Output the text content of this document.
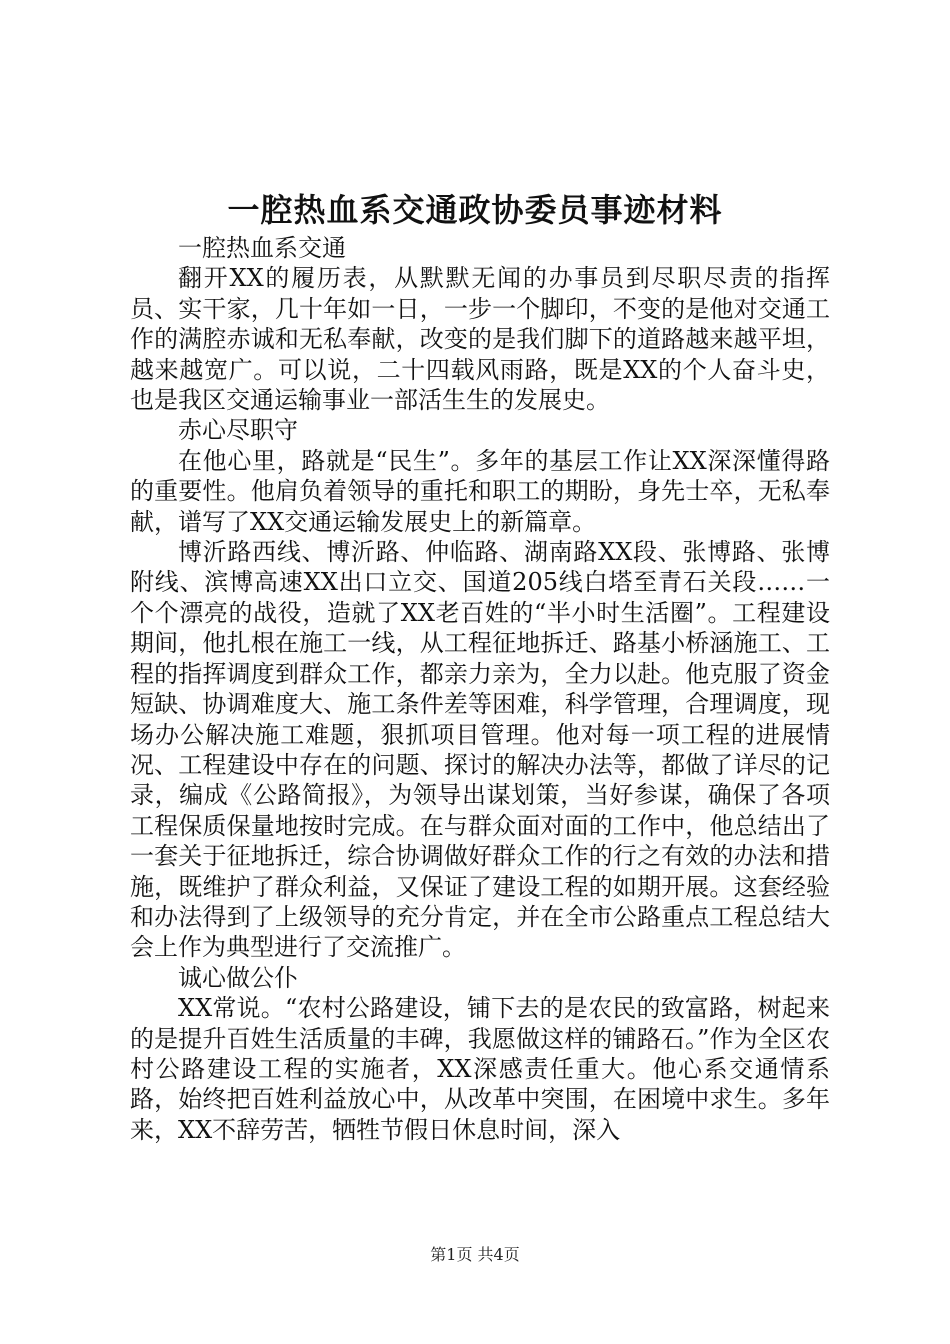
一腔热血系交通政协委员事迹材料

一腔热血系交通

翻开XX的履历表，从默默无闻的办事员到尽职尽责的指挥员、实干家，几十年如一日，一步一个脚印，不变的是他对交通工作的满腔赤诚和无私奉献，改变的是我们脚下的道路越来越平坦，越来越宽广。可以说，二十四载风雨路，既是XX的个人奋斗史，也是我区交通运输事业一部活生生的发展史。

赤心尽职守

在他心里，路就是“民生”。多年的基层工作让XX深深懂得路的重要性。他肩负着领导的重托和职工的期盼，身先士卒，无私奉献，谱写了XX交通运输发展史上的新篇章。

博沂路西线、博沂路、仲临路、湖南路XX段、张博路、张博附线、滨博高速XX出口立交、国道205线白塔至青石关段……一个个漂亮的战役，造就了XX老百姓的“半小时生活圈”。工程建设期间，他扎根在施工一线，从工程征地拆迁、路基小桥涵施工、工程的指挥调度到群众工作，都亲力亲为，全力以赴。他克服了资金短缺、协调难度大、施工条件差等困难，科学管理，合理调度，现场办公解决施工难题，狠抓项目管理。他对每一项工程的进展情况、工程建设中存在的问题、探讨的解决办法等，都做了详尽的记录，编成《公路简报》，为领导出谋划策，当好参谋，确保了各项工程保质保量地按时完成。在与群众面对面的工作中，他总结出了一套关于征地拆迁，综合协调做好群众工作的行之有效的办法和措施，既维护了群众利益，又保证了建设工程的如期开展。这套经验和办法得到了上级领导的充分肯定，并在全市公路重点工程总结大会上作为典型进行了交流推广。

诚心做公仆

XX常说。“农村公路建设，铺下去的是农民的致富路，树起来的是提升百姓生活质量的丰碑，我愿做这样的铺路石。”作为全区农村公路建设工程的实施者，XX深感责任重大。他心系交通情系路，始终把百姓利益放心中，从改革中突围，在困境中求生。多年来，XX不辞劳苦，牺牲节假日休息时间，深入

第1页 共4页
